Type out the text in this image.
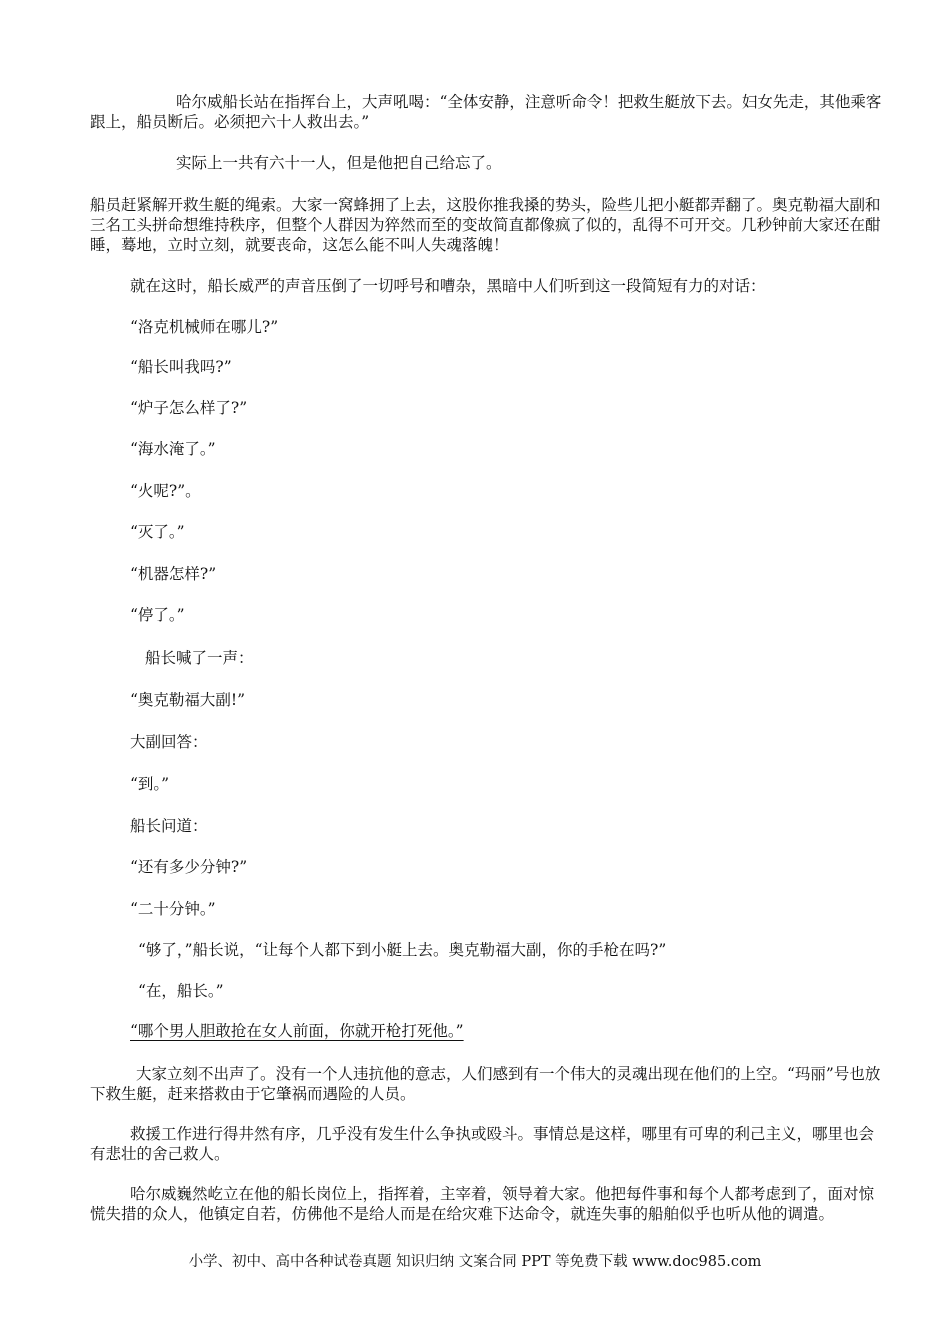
哈尔威船长站在指挥台上，大声吼喝：“全体安静，注意听命令！把救生艇放下去。妇女先走，其他乘客跟上，船员断后。必须把六十人救出去。”

实际上一共有六十一人，但是他把自己给忘了。

船员赶紧解开救生艇的绳索。大家一窝蜂拥了上去，这股你推我搡的势头，险些儿把小艇都弄翻了。奥克勒福大副和三名工头拼命想维持秩序，但整个人群因为猝然而至的变故简直都像疯了似的，乱得不可开交。几秒钟前大家还在酣睡，蓦地，立时立刻，就要丧命，这怎么能不叫人失魂落魄！

就在这时，船长威严的声音压倒了一切呼号和嘈杂，黑暗中人们听到这一段简短有力的对话：

“洛克机械师在哪儿?”

“船长叫我吗?”

“炉子怎么样了?”

“海水淹了。”

“火呢?”。

“灭了。”

“机器怎样?”

“停了。”

船长喊了一声：

“奥克勒福大副!”

大副回答：

“到。”

船长问道：

“还有多少分钟?”

“二十分钟。”

“够了，”船长说，“让每个人都下到小艇上去。奥克勒福大副，你的手枪在吗?”

“在，船长。”

“哪个男人胆敢抢在女人前面，你就开枪打死他。”

大家立刻不出声了。没有一个人违抗他的意志，人们感到有一个伟大的灵魂出现在他们的上空。“玛丽”号也放下救生艇，赶来搭救由于它肇祸而遇险的人员。

救援工作进行得井然有序，几乎没有发生什么争执或殴斗。事情总是这样，哪里有可卑的利己主义，哪里也会有悲壮的舍己救人。

哈尔威巍然屹立在他的船长岗位上，指挥着，主宰着，领导着大家。他把每件事和每个人都考虑到了，面对惊慌失措的众人，他镇定自若，仿佛他不是给人而是在给灾难下达命令，就连失事的船舶似乎也听从他的调遣。

小学、初中、高中各种试卷真题 知识归纳 文案合同 PPT 等免费下载 www.doc985.com
